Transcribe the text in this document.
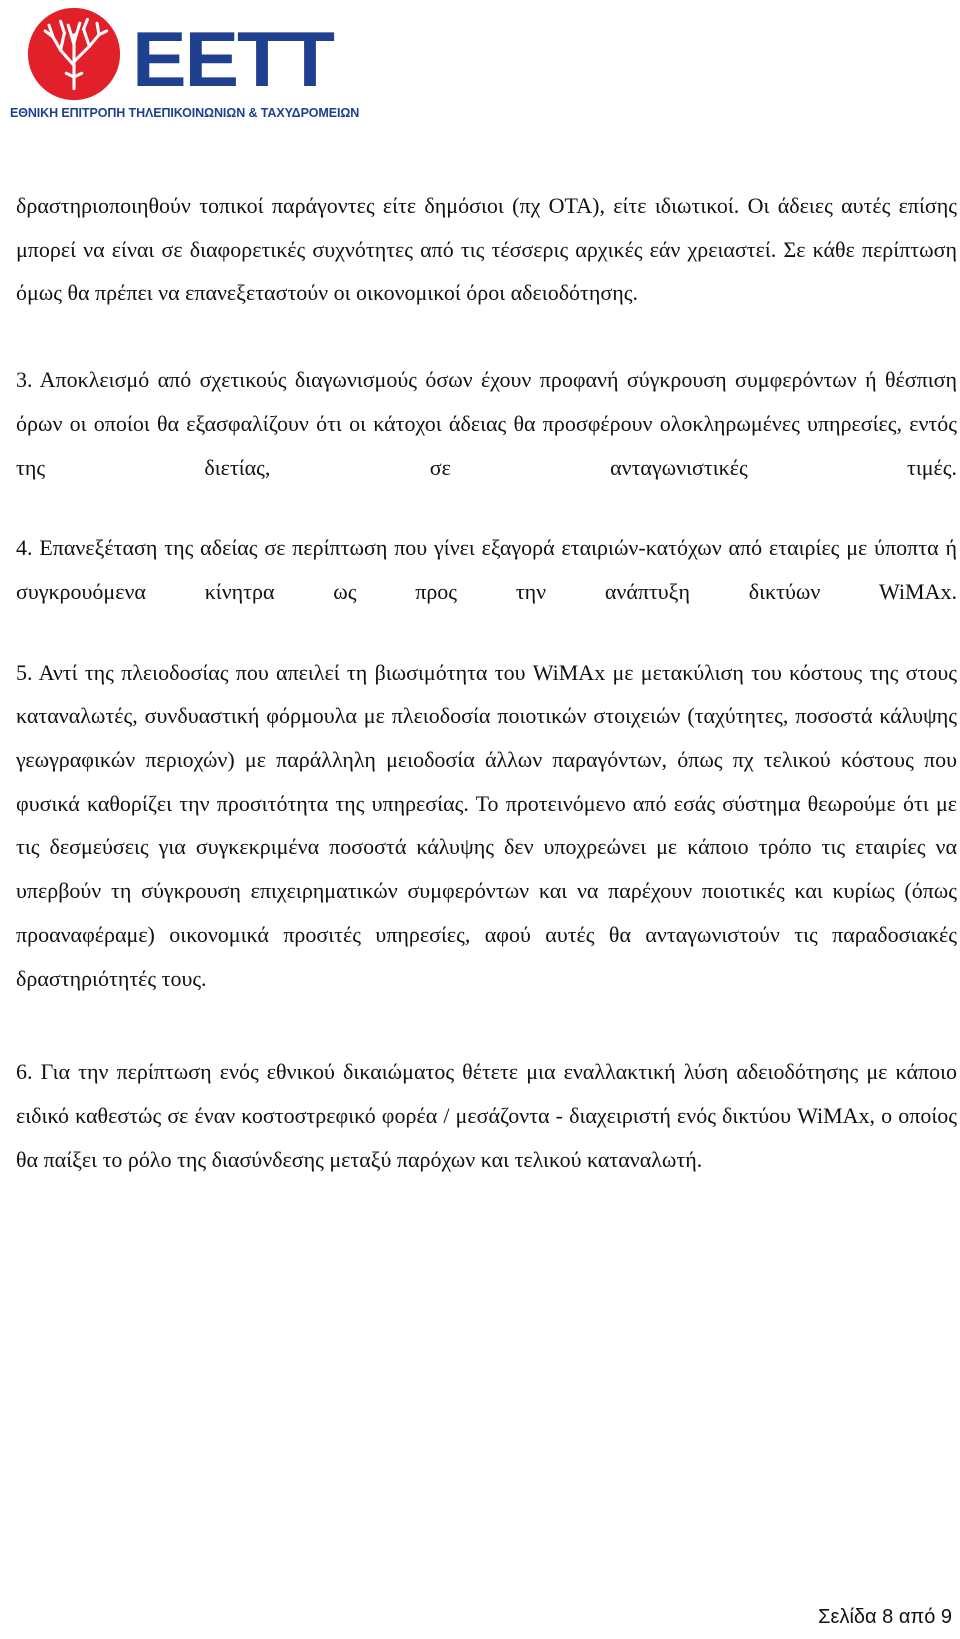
ΕΕΤΤ
ΕΘΝΙΚΗ ΕΠΙΤΡΟΠΗ ΤΗΛΕΠΙΚΟΙΝΩΝΙΩΝ & ΤΑΧΥΔΡΟΜΕΙΩΝ

δραστηριοποιηθούν τοπικοί παράγοντες είτε δημόσιοι (πχ ΟΤΑ), είτε ιδιωτικοί. Οι άδειες αυτές επίσης μπορεί να είναι σε διαφορετικές συχνότητες από τις τέσσερις αρχικές εάν χρειαστεί. Σε κάθε περίπτωση όμως θα πρέπει να επανεξεταστούν οι οικονομικοί όροι αδειοδότησης.

3. Αποκλεισμό από σχετικούς διαγωνισμούς όσων έχουν προφανή σύγκρουση συμφερόντων ή θέσπιση όρων οι οποίοι θα εξασφαλίζουν ότι οι κάτοχοι άδειας θα προσφέρουν ολοκληρωμένες υπηρεσίες, εντός της διετίας, σε ανταγωνιστικές τιμές.

4. Επανεξέταση της αδείας σε περίπτωση που γίνει εξαγορά εταιριών-κατόχων από εταιρίες με ύποπτα ή συγκρουόμενα κίνητρα ως προς την ανάπτυξη δικτύων WiMAx.

5. Αντί της πλειοδοσίας που απειλεί τη βιωσιμότητα του WiMAx με μετακύλιση του κόστους της στους καταναλωτές, συνδυαστική φόρμουλα με πλειοδοσία ποιοτικών στοιχειών (ταχύτητες, ποσοστά κάλυψης γεωγραφικών περιοχών) με παράλληλη μειοδοσία άλλων παραγόντων, όπως πχ τελικού κόστους που φυσικά καθορίζει την προσιτότητα της υπηρεσίας. Το προτεινόμενο από εσάς σύστημα θεωρούμε ότι με τις δεσμεύσεις για συγκεκριμένα ποσοστά κάλυψης δεν υποχρεώνει με κάποιο τρόπο τις εταιρίες να υπερβούν τη σύγκρουση επιχειρηματικών συμφερόντων και να παρέχουν ποιοτικές και κυρίως (όπως προαναφέραμε) οικονομικά προσιτές υπηρεσίες, αφού αυτές θα ανταγωνιστούν τις παραδοσιακές δραστηριότητές τους.

6. Για την περίπτωση ενός εθνικού δικαιώματος θέτετε μια εναλλακτική λύση αδειοδότησης με κάποιο ειδικό καθεστώς σε έναν κοστοστρεφικό φορέα / μεσάζοντα - διαχειριστή ενός δικτύου WiMAx, ο οποίος θα παίξει το ρόλο της διασύνδεσης μεταξύ παρόχων και τελικού καταναλωτή.

Σελίδα 8 από 9
